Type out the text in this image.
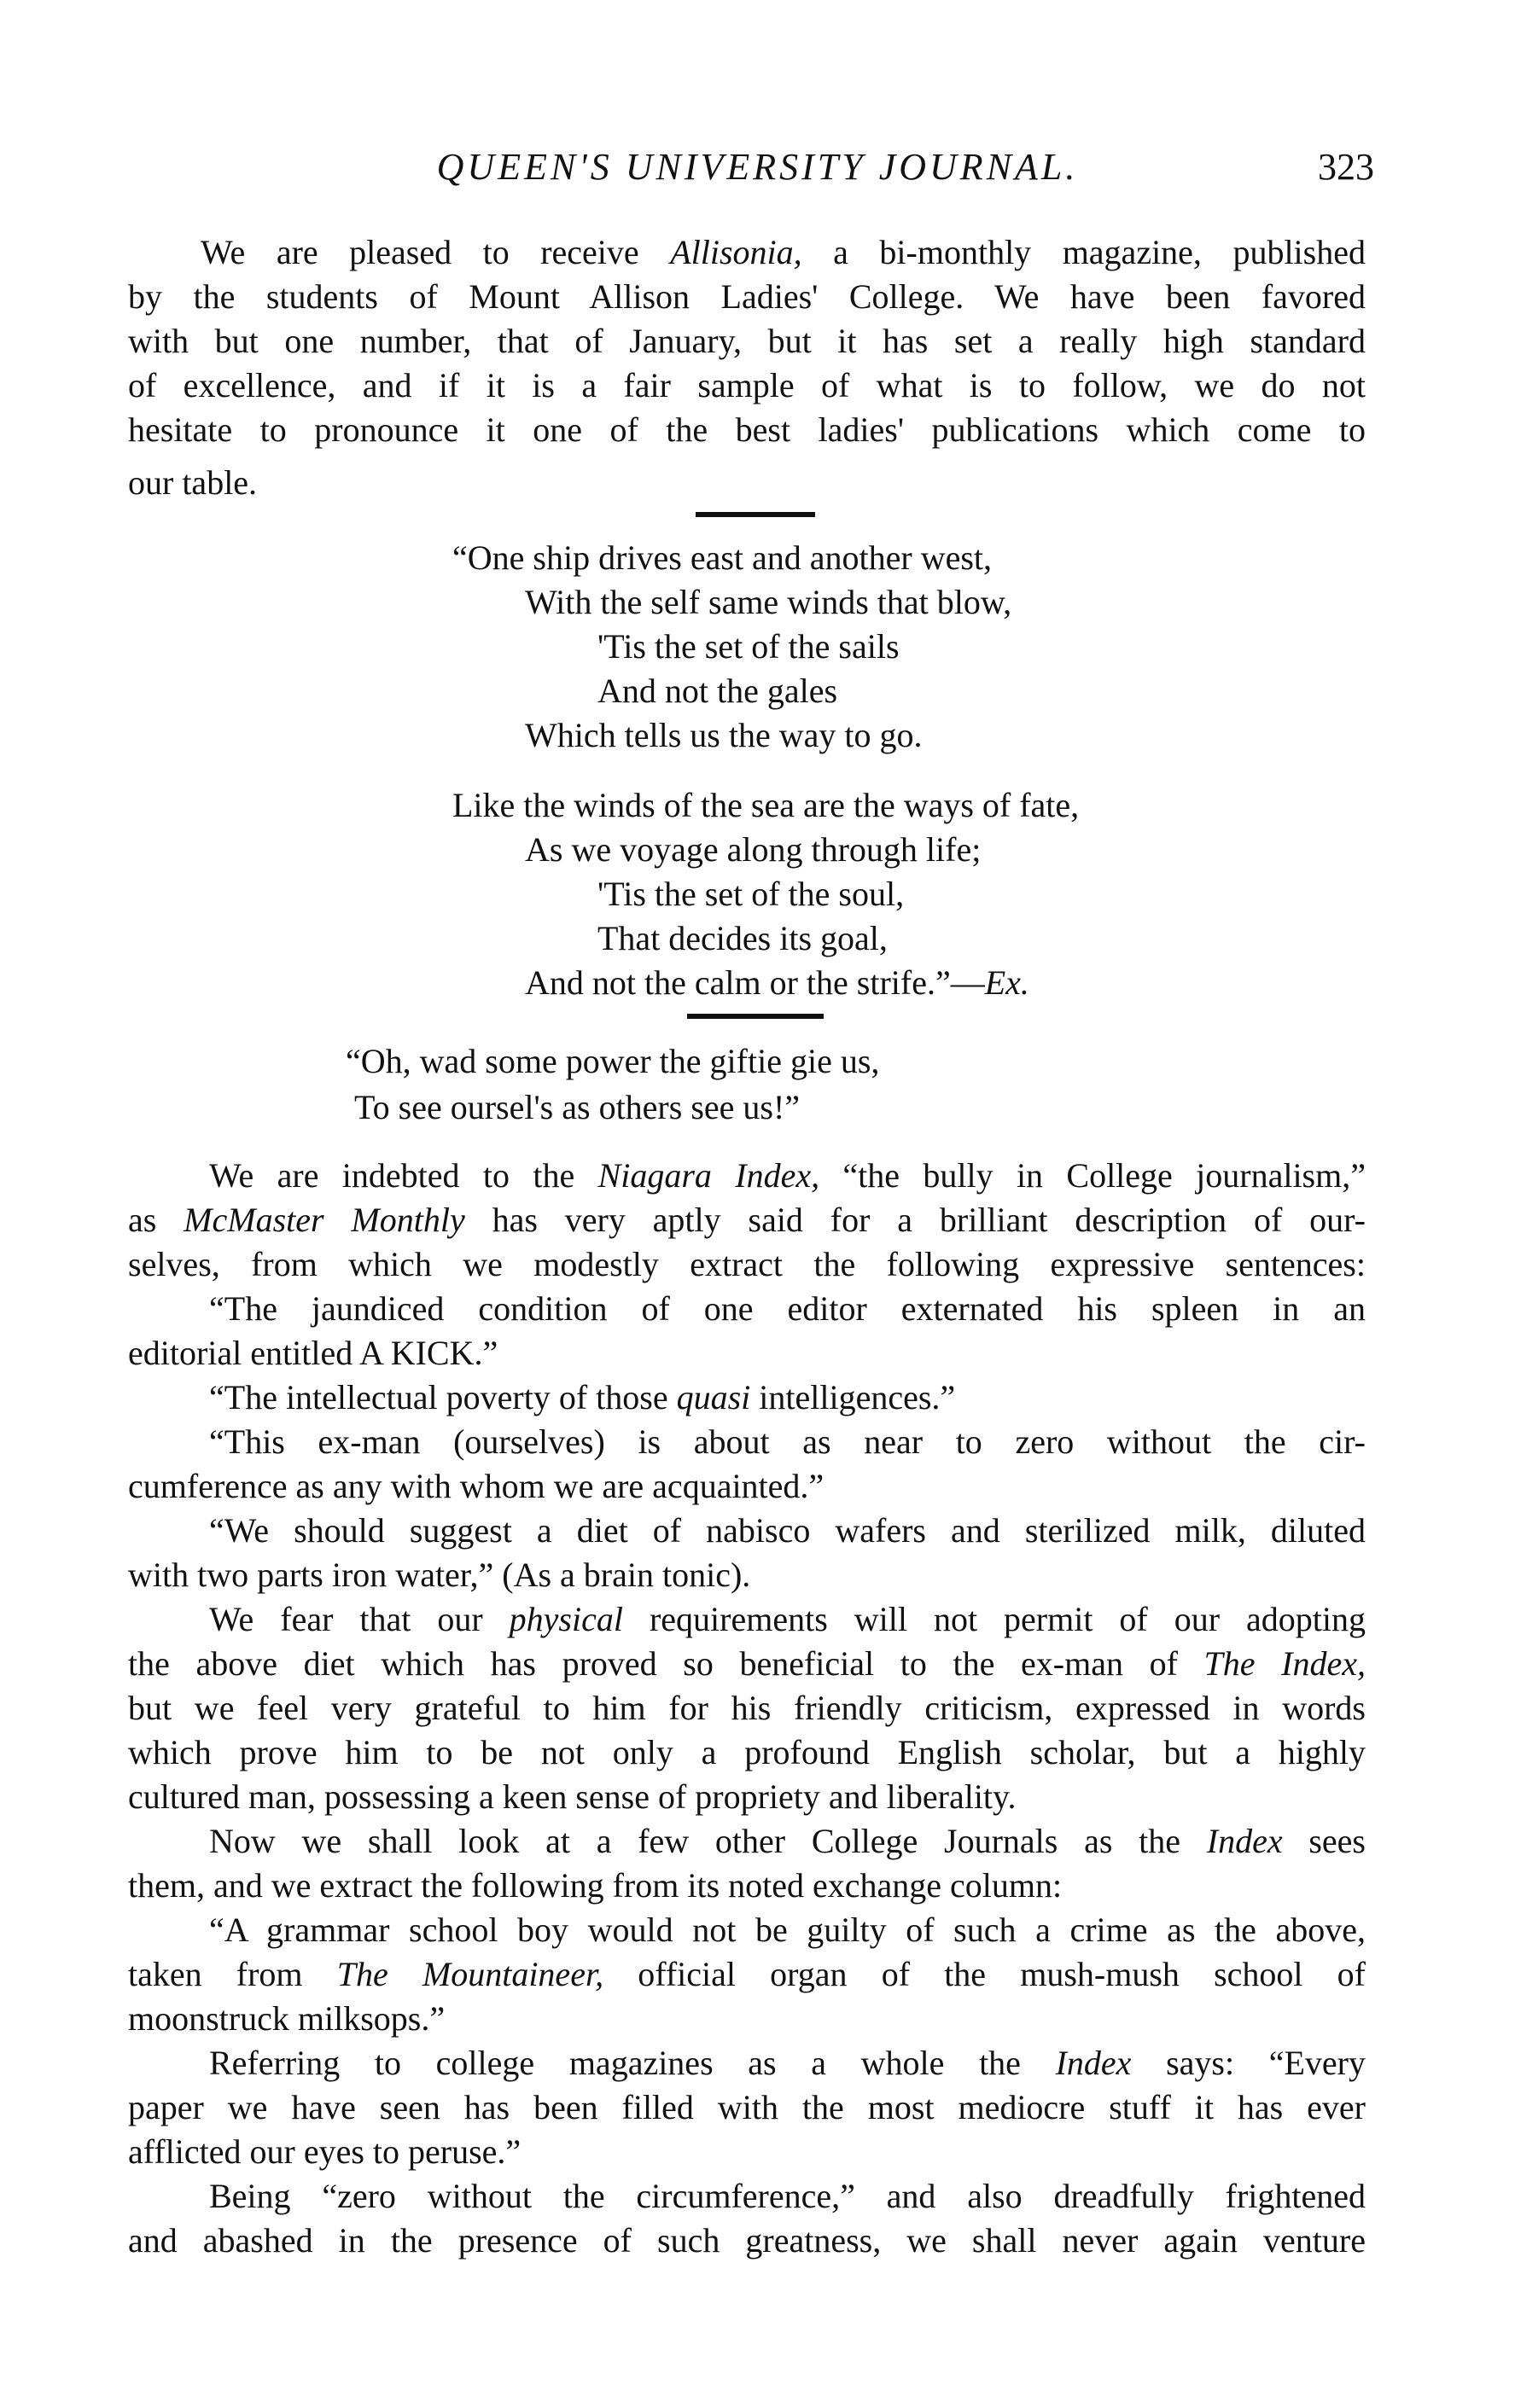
QUEEN'S UNIVERSITY JOURNAL.	323
We are pleased to receive Allisonia, a bi-monthly magazine, published
by the students of Mount Allison Ladies' College. We have been favored
with but one number, that of January, but it has set a really high standard
of excellence, and if it is a fair sample of what is to follow, we do not
hesitate to pronounce it one of the best ladies' publications which come to
our table.
“One ship drives east and another west,
With the self same winds that blow,
'Tis the set of the sails
And not the gales
Which tells us the way to go.
Like the winds of the sea are the ways of fate,
As we voyage along through life;
'Tis the set of the soul,
That decides its goal,
And not the calm or the strife.”—Ex.
“Oh, wad some power the giftie gie us,
To see oursel's as others see us!”
We are indebted to the Niagara Index, “the bully in College journalism,”
as McMaster Monthly has very aptly said for a brilliant description of our-
selves, from which we modestly extract the following expressive sentences:
“The jaundiced condition of one editor externated his spleen in an
editorial entitled A KICK.”
“The intellectual poverty of those quasi intelligences.”
“This ex-man (ourselves) is about as near to zero without the cir-
cumference as any with whom we are acquainted.”
“We should suggest a diet of nabisco wafers and sterilized milk, diluted
with two parts iron water,” (As a brain tonic).
We fear that our physical requirements will not permit of our adopting
the above diet which has proved so beneficial to the ex-man of The Index,
but we feel very grateful to him for his friendly criticism, expressed in words
which prove him to be not only a profound English scholar, but a highly
cultured man, possessing a keen sense of propriety and liberality.
Now we shall look at a few other College Journals as the Index sees
them, and we extract the following from its noted exchange column:
“A grammar school boy would not be guilty of such a crime as the above,
taken from The Mountaineer, official organ of the mush-mush school of
moonstruck milksops.”
Referring to college magazines as a whole the Index says: “Every
paper we have seen has been filled with the most mediocre stuff it has ever
afflicted our eyes to peruse.”
Being “zero without the circumference,” and also dreadfully frightened
and abashed in the presence of such greatness, we shall never again venture
